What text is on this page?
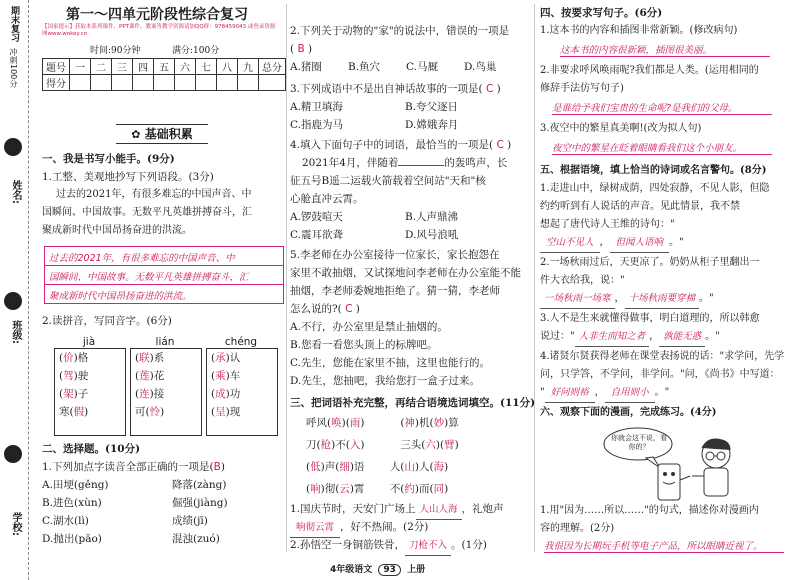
期末复习
冲刺100分
姓名:
班级:
学校:
第一～四单元阶段性综合复习
【国家提示】获取本系列课件、PPT课件、教案等教学资源请加QQ群：978459043 或登录资源网www.wokey.cn
时间:90分钟	满分:100分
题号	一	二	三	四	五	六	七	八	九	总分
得分										
✿ 基础积累
一、我是书写小能手。(9分)
1.工整、美观地抄写下列语段。(3分)
过去的2021年，有很多难忘的中国声音、中
国瞬间、中国故事。无数平凡英雄拼搏奋斗，汇
聚成新时代中国昂扬奋进的洪流。
过去的2021年，有很多难忘的中国声音、中
国瞬间、中国故事。无数平凡英雄拼搏奋斗，汇
聚成新时代中国昂扬奋进的洪流。
2.读拼音，写同音字。(6分)
jià
(价)格
(驾)驶
(架)子
寒(假)
lián
(联)系
(莲)花
(连)接
可(怜)
chéng
(承)认
(乘)车
(成)功
(呈)现
二、选择题。(10分)
1.下列加点字读音全部正确的一项是(B)
A.田埂(gěng)	降落(zàng)
B.进色(xùn)	倔强(jiàng)
C.湖水(lì)	成绩(jī)
D.抛出(pāo)	混浊(zuó)
2.下列关于动物的"家"的说法中，错误的一项是
( B )
A.猪圈 B.鱼穴 C.马厩 D.鸟巢
3.下列成语中不是出自神话故事的一项是( C )
A.精卫填海	B.夸父逐日
C.指鹿为马	D.嫦娥奔月
4.填入下面句子中的词语，最恰当的一项是( C )
2021年4月，伴随着	的轰鸣声，长
征五号B遥二运载火箭载着空间站"天和"核
心舱直冲云霄。
A.锣鼓喧天	B.人声鼎沸
C.震耳欲聋	D.风号浪吼
5.李老师在办公室接待一位家长，家长抱怨在
家里不敢抽烟，又试探地问李老师在办公室能不能
抽烟，李老师委婉地拒绝了。猜一猜，李老师
怎么说的?( C )
A.不行，办公室里是禁止抽烟的。
B.您看一看您头顶上的标牌吧。
C.先生，您能在家里不抽，这里也能行的。
D.先生，您抽吧，我给您打一盒子过来。
三、把词语补充完整，再结合语境选词填空。(11分)
呼风(唤)(雨)	(神)机(妙)算
刀(枪)不(入)	三头(六)(臂)
(低)声(细)语 人(山)人(海)
(响)彻(云)霄 不(约)而(同)
1.国庆节时，天安门广场上 人山人海 ，礼炮声
响彻云霄 ，好不热闹。(2分)
2.孙悟空一身铜筋铁骨， 刀枪不入 。(1分)
四、按要求写句子。(6分)
1.这本书的内容和插图非常新颖。(修改病句)
这本书的内容很新颖，插图很美丽。
2.非要求呼风唤雨呢?我们都是人类。(运用相同的
修辞手法仿写句子)
是谁给予我们宝贵的生命呢?是我们的父母。
3.夜空中的繁星真美啊!(改为拟人句)
夜空中的繁星在眨着眼睛看我们这个小朋友。
五、根据语境，填上恰当的诗词或名言警句。(8分)
1.走进山中，绿树成荫，四处寂静，不见人影，但隐
约约听到有人说话的声音。见此情景，我不禁
想起了唐代诗人王维的诗句："
空山不见人 ， 但闻人语响 。"
2.一场秋雨过后，天更凉了。奶奶从柜子里翻出一
件大衣给我，说："
一场秋雨一场寒 ， 十场秋雨要穿棉 。"
3.人不是生来就懂得做事，明白道理的，所以韩愈
说过：" 人非生而知之者 ， 孰能无惑 。"
4.诸贤尔贤获得老师在课堂表扬说的话："求学问，先学
问，只学答，不学问，非学问。"问，《尚书》中写道：
" 好问则裕 ， 自用则小 。"
六、观察下面的漫画，完成练习。(4分)
你就会这不说，看你的？
1.用"因为……所以……"的句式，描述你对漫画内
容的理解。(2分)
我很因为长期玩手机等电子产品，所以眼睛近视了。
4年级语文 93 上册
